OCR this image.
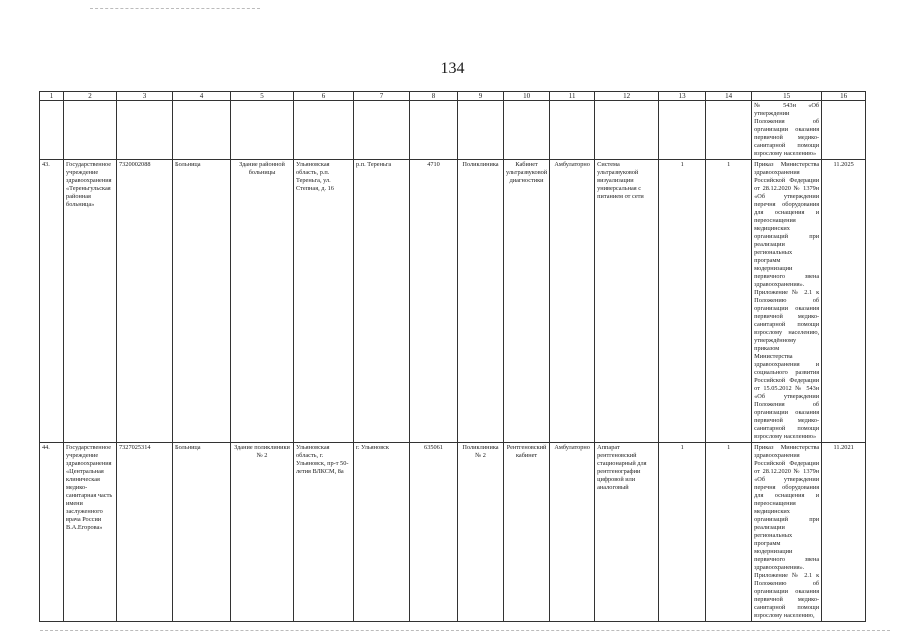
134
1	2	3	4	5	6	7	8	9	10	11	12	13	14	15	16
														№ 543н «Об утверждении Положения об организации оказания первичной медико-санитарной помощи взрослому населению»	
43.	Государственное учреждение здравоохранения «Тереньгульская районная больница»	7320002088	Больница	Здание районной больницы	Ульяновская область, р.п. Тереньга, ул. Степная, д. 16	р.п. Тереньга	4710	Поликлиника	Кабинет ультразвуковой диагностики	Амбулаторно	Система ультразвуковой визуализации универсальная с питанием от сети	1	1	Приказ Министерства здравоохранения Российской Федерации от 28.12.2020 № 1379н «Об утверждении перечня оборудования для оснащения и переоснащения медицинских организаций при реализации региональных программ модернизации первичного звена здравоохранения». Приложение № 2.1 к Положению об организации оказания первичной медико-санитарной помощи взрослому населению, утверждённому приказом Министерства здравоохранения и социального развития Российской Федерации от 15.05.2012 № 543н «Об утверждении Положения об организации оказания первичной медико-санитарной помощи взрослому населению»	11.2025
44.	Государственное учреждение здравоохранения «Центральная клиническая медико-санитарная часть имени заслуженного врача России В.А.Егорова»	7327025314	Больница	Здание поликлиники № 2	Ульяновская область, г. Ульяновск, пр-т 50-летия ВЛКСМ, 8а	г. Ульяновск	635061	Поликлиника № 2	Рентгеновский кабинет	Амбулаторно	Аппарат рентгеновский стационарный для рентгенографии цифровой или аналоговый	1	1	Приказ Министерства здравоохранения Российской Федерации от 28.12.2020 № 1379н «Об утверждении перечня оборудования для оснащения и переоснащения медицинских организаций при реализации региональных программ модернизации первичного звена здравоохранения». Приложение № 2.1 к Положению об организации оказания первичной медико-санитарной помощи взрослому населению,	11.2021
